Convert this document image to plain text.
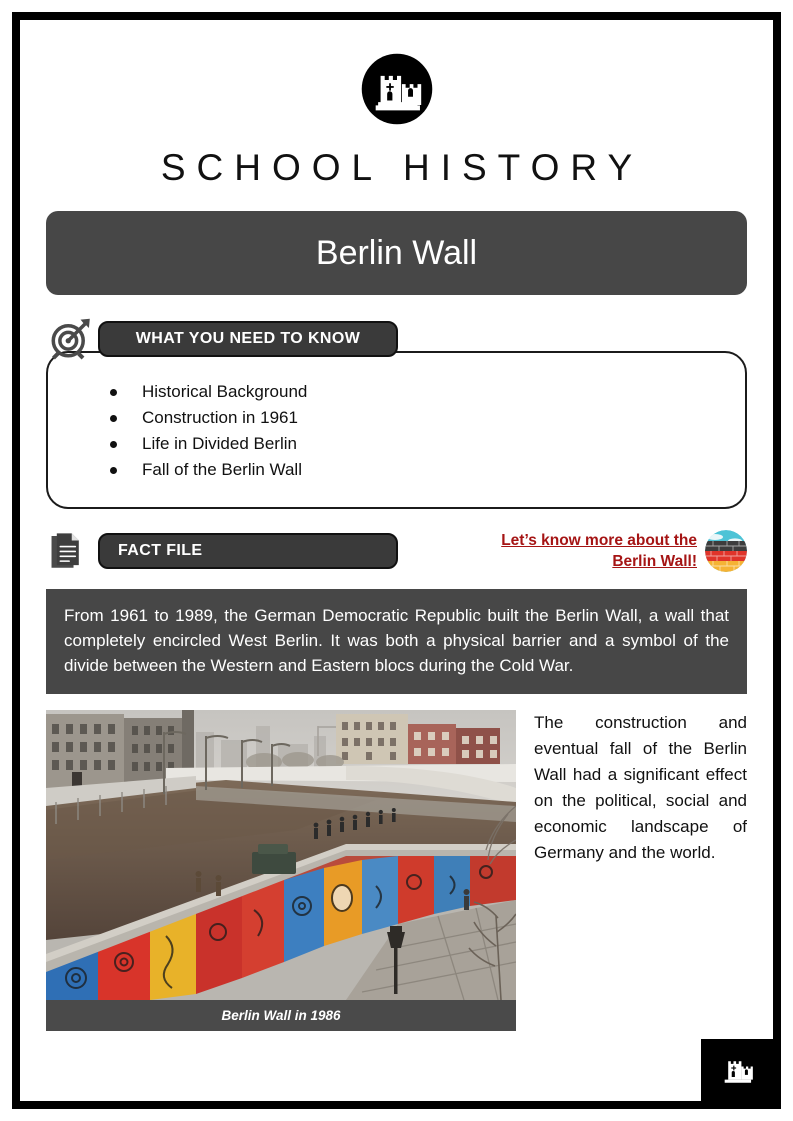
SCHOOL HISTORY
Berlin Wall
WHAT YOU NEED TO KNOW
Historical Background
Construction in 1961
Life in Divided Berlin
Fall of the Berlin Wall
FACT FILE
Let’s know more about the Berlin Wall!
From 1961 to 1989, the German Democratic Republic built the Berlin Wall, a wall that completely encircled West Berlin. It was both a physical barrier and a symbol of the divide between the Western and Eastern blocs during the Cold War.
Berlin Wall in 1986
The construction and eventual fall of the Berlin Wall had a significant effect on the political, social and economic landscape of Germany and the world.
